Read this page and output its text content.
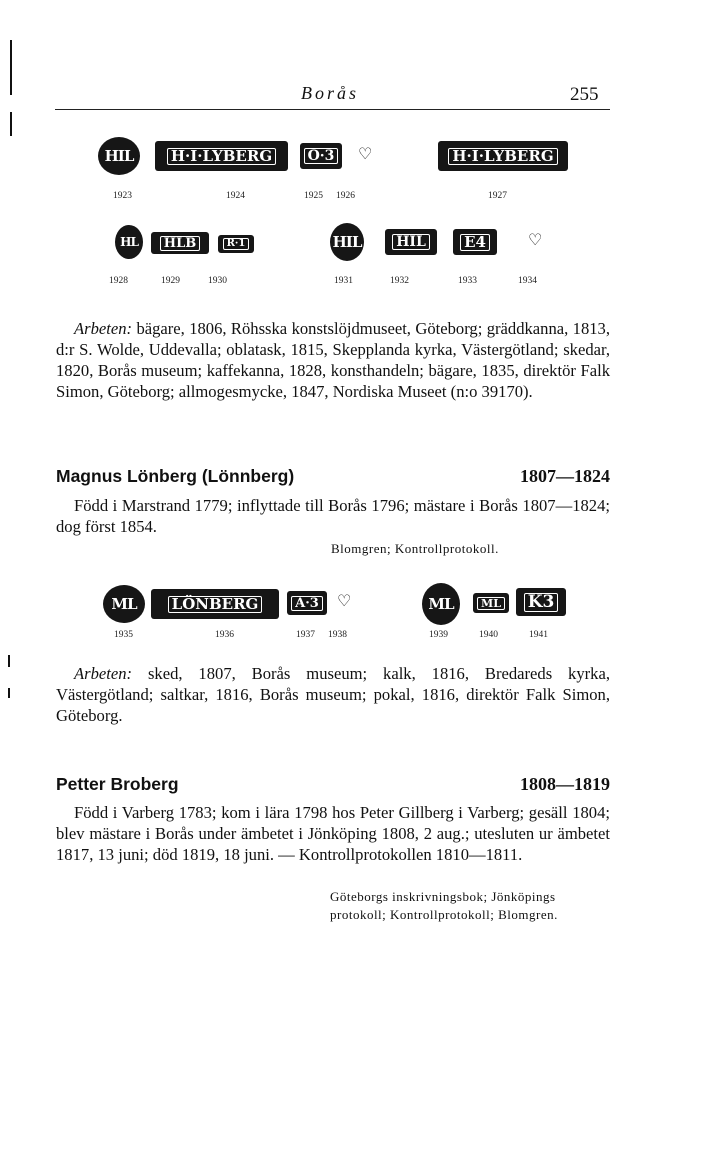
Borås	255
HIL H·I·LYBERG	O·3 ♡	H·I·LYBERG
1923	1924	1925 1926	1927
HL	HLB	R·1	HIL HIL	E4	♡
1928	1929	1930	1931	1932	1933	1934

Arbeten: bägare, 1806, Röhsska konstslöjdmuseet, Göteborg; gräddkanna, 1813, d:r S. Wolde, Uddevalla; oblatask, 1815, Skepplanda kyrka, Västergötland; skedar, 1820, Borås museum; kaffekanna, 1828, konsthandeln; bägare, 1835, direktör Falk Simon, Göteborg; allmogesmycke, 1847, Nordiska Museet (n:o 39170).

Magnus Lönberg (Lönnberg)	1807—1824

Född i Marstrand 1779; inflyttade till Borås 1796; mästare i Borås 1807—1824; dog först 1854.

Blomgren; Kontrollprotokoll.
ML LÖNBERG	A·3 ♡	ML	ML K3
1935	1936	1937 1938	1939	1940	1941

Arbeten: sked, 1807, Borås museum; kalk, 1816, Bredareds kyrka, Västergötland; saltkar, 1816, Borås museum; pokal, 1816, direktör Falk Simon, Göteborg.

Petter Broberg	1808—1819

Född i Varberg 1783; kom i lära 1798 hos Peter Gillberg i Varberg; gesäll 1804; blev mästare i Borås under ämbetet i Jönköping 1808, 2 aug.; utesluten ur ämbetet 1817, 13 juni; död 1819, 18 juni. — Kontrollprotokollen 1810—1811.

Göteborgs inskrivningsbok; Jönköpings protokoll; Kontrollprotokoll; Blomgren.
